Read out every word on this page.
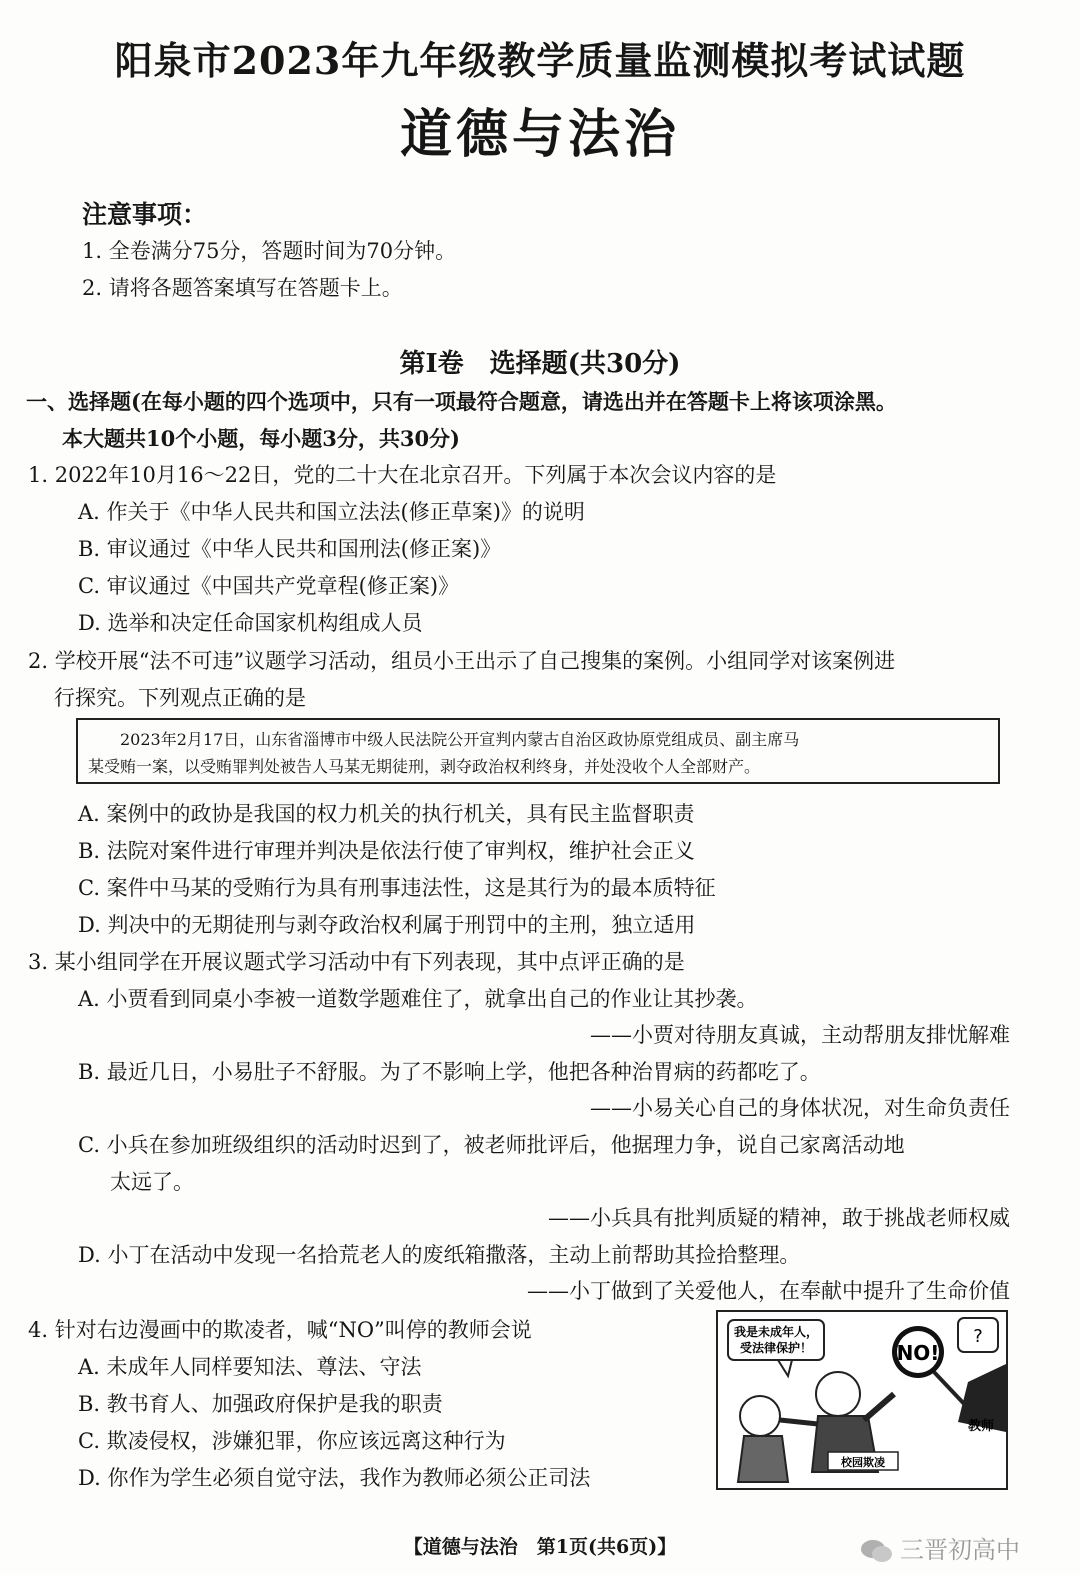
阳泉市2023年九年级教学质量监测模拟考试试题
道德与法治
注意事项：
1. 全卷满分75分，答题时间为70分钟。
2. 请将各题答案填写在答题卡上。
第Ⅰ卷　选择题(共30分)
一、选择题(在每小题的四个选项中，只有一项最符合题意，请选出并在答题卡上将该项涂黑。
本大题共10个小题，每小题3分，共30分)
1. 2022年10月16～22日，党的二十大在北京召开。下列属于本次会议内容的是
A. 作关于《中华人民共和国立法法(修正草案)》的说明
B. 审议通过《中华人民共和国刑法(修正案)》
C. 审议通过《中国共产党章程(修正案)》
D. 选举和决定任命国家机构组成人员
2. 学校开展“法不可违”议题学习活动，组员小王出示了自己搜集的案例。小组同学对该案例进
行探究。下列观点正确的是
2023年2月17日，山东省淄博市中级人民法院公开宣判内蒙古自治区政协原党组成员、副主席马
某受贿一案，以受贿罪判处被告人马某无期徒刑，剥夺政治权利终身，并处没收个人全部财产。
A. 案例中的政协是我国的权力机关的执行机关，具有民主监督职责
B. 法院对案件进行审理并判决是依法行使了审判权，维护社会正义
C. 案件中马某的受贿行为具有刑事违法性，这是其行为的最本质特征
D. 判决中的无期徒刑与剥夺政治权利属于刑罚中的主刑，独立适用
3. 某小组同学在开展议题式学习活动中有下列表现，其中点评正确的是
A. 小贾看到同桌小李被一道数学题难住了，就拿出自己的作业让其抄袭。
——小贾对待朋友真诚，主动帮朋友排忧解难
B. 最近几日，小易肚子不舒服。为了不影响上学，他把各种治胃病的药都吃了。
——小易关心自己的身体状况，对生命负责任
C. 小兵在参加班级组织的活动时迟到了，被老师批评后，他据理力争，说自己家离活动地
太远了。
——小兵具有批判质疑的精神，敢于挑战老师权威
D. 小丁在活动中发现一名拾荒老人的废纸箱撒落，主动上前帮助其捡拾整理。
——小丁做到了关爱他人，在奉献中提升了生命价值
4. 针对右边漫画中的欺凌者，喊“NO”叫停的教师会说
A. 未成年人同样要知法、尊法、守法
B. 教书育人、加强政府保护是我的职责
C. 欺凌侵权，涉嫌犯罪，你应该远离这种行为
D. 你作为学生必须自觉守法，我作为教师必须公正司法
我是未成年人，
受法律保护！
?
NO!
教师
校园欺凌
【道德与法治　第1页(共6页)】	三晋初高中
